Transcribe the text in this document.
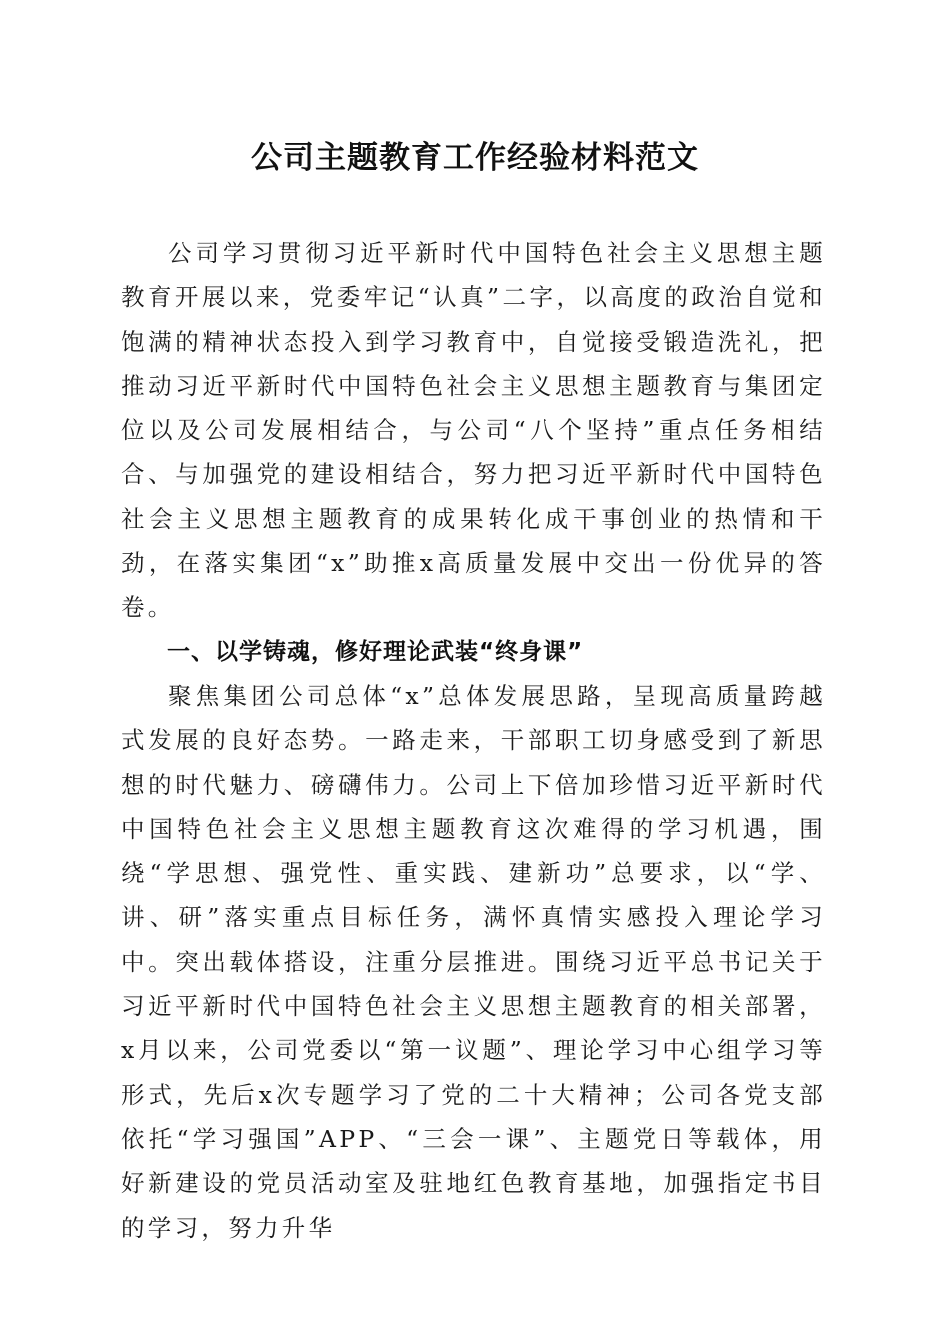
公司主题教育工作经验材料范文

公司学习贯彻习近平新时代中国特色社会主义思想主题教育开展以来，党委牢记“认真”二字，以高度的政治自觉和饱满的精神状态投入到学习教育中，自觉接受锻造洗礼，把推动习近平新时代中国特色社会主义思想主题教育与集团定位以及公司发展相结合，与公司“八个坚持”重点任务相结合、与加强党的建设相结合，努力把习近平新时代中国特色社会主义思想主题教育的成果转化成干事创业的热情和干劲，在落实集团“x”助推x高质量发展中交出一份优异的答卷。

一、以学铸魂，修好理论武装“终身课”

聚焦集团公司总体“x”总体发展思路，呈现高质量跨越式发展的良好态势。一路走来，干部职工切身感受到了新思想的时代魅力、磅礴伟力。公司上下倍加珍惜习近平新时代中国特色社会主义思想主题教育这次难得的学习机遇，围绕“学思想、强党性、重实践、建新功”总要求，以“学、讲、研”落实重点目标任务，满怀真情实感投入理论学习中。突出载体搭设，注重分层推进。围绕习近平总书记关于习近平新时代中国特色社会主义思想主题教育的相关部署，x月以来，公司党委以“第一议题”、理论学习中心组学习等形式，先后x次专题学习了党的二十大精神；公司各党支部依托“学习强国”APP、“三会一课”、主题党日等载体，用好新建设的党员活动室及驻地红色教育基地，加强指定书目的学习，努力升华
